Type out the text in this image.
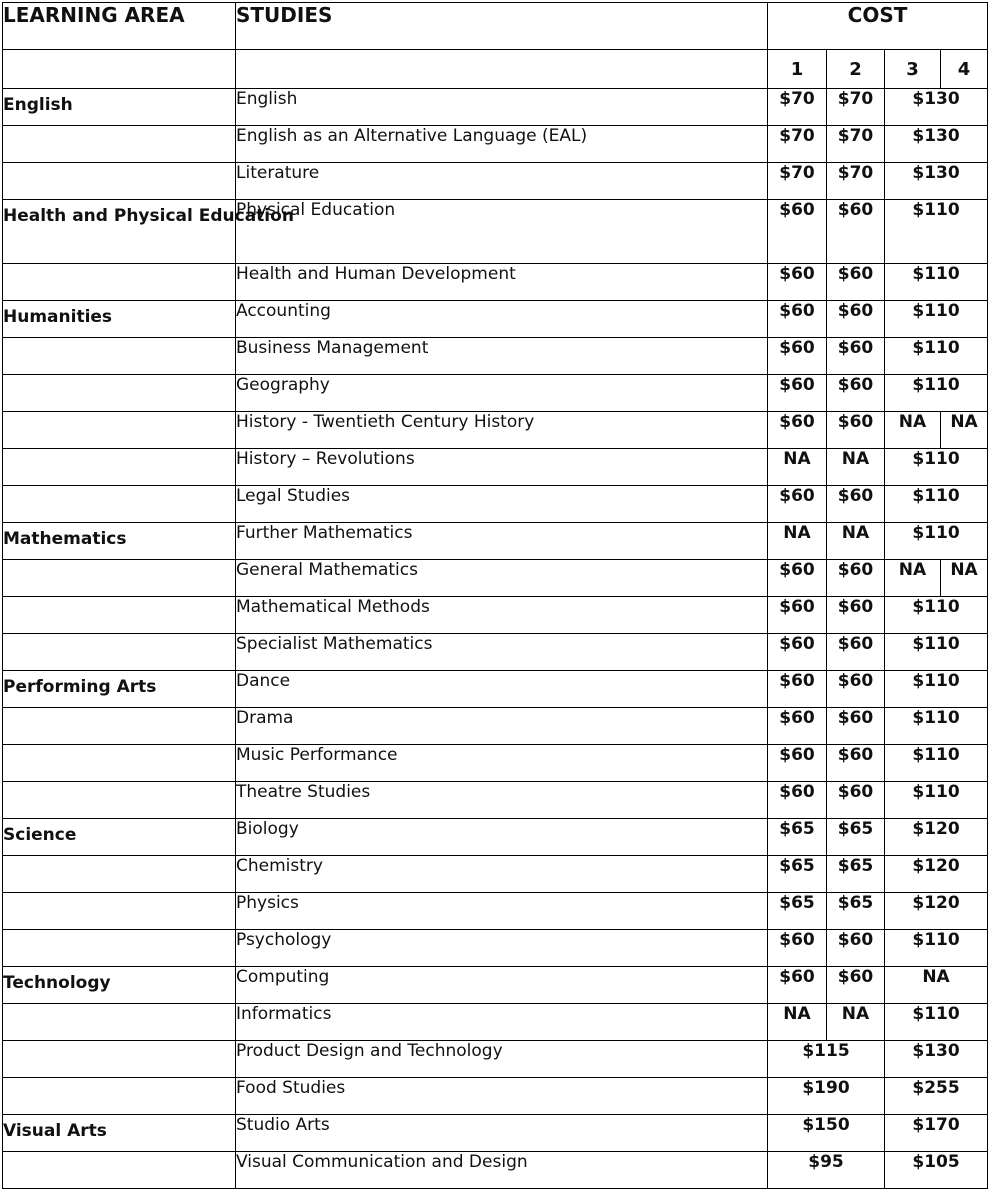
LEARNING AREA	STUDIES	COST			
		1	2	3	4
English	English	$70	$70	$130	
	English as an Alternative Language (EAL)	$70	$70	$130	
	Literature	$70	$70	$130	
Health and Physical Education	Physical Education	$60	$60	$110	
	Health and Human Development	$60	$60	$110	
Humanities	Accounting	$60	$60	$110	
	Business Management	$60	$60	$110	
	Geography	$60	$60	$110	
	History - Twentieth Century History	$60	$60	NA	NA
	History – Revolutions	NA	NA	$110	
	Legal Studies	$60	$60	$110	
Mathematics	Further Mathematics	NA	NA	$110	
	General Mathematics	$60	$60	NA	NA
	Mathematical Methods	$60	$60	$110	
	Specialist Mathematics	$60	$60	$110	
Performing Arts	Dance	$60	$60	$110	
	Drama	$60	$60	$110	
	Music Performance	$60	$60	$110	
	Theatre Studies	$60	$60	$110	
Science	Biology	$65	$65	$120	
	Chemistry	$65	$65	$120	
	Physics	$65	$65	$120	
	Psychology	$60	$60	$110	
Technology	Computing	$60	$60	NA	
	Informatics	NA	NA	$110	
	Product Design and Technology	$115		$130	
	Food Studies	$190		$255	
Visual Arts	Studio Arts	$150		$170	
	Visual Communication and Design	$95		$105	
